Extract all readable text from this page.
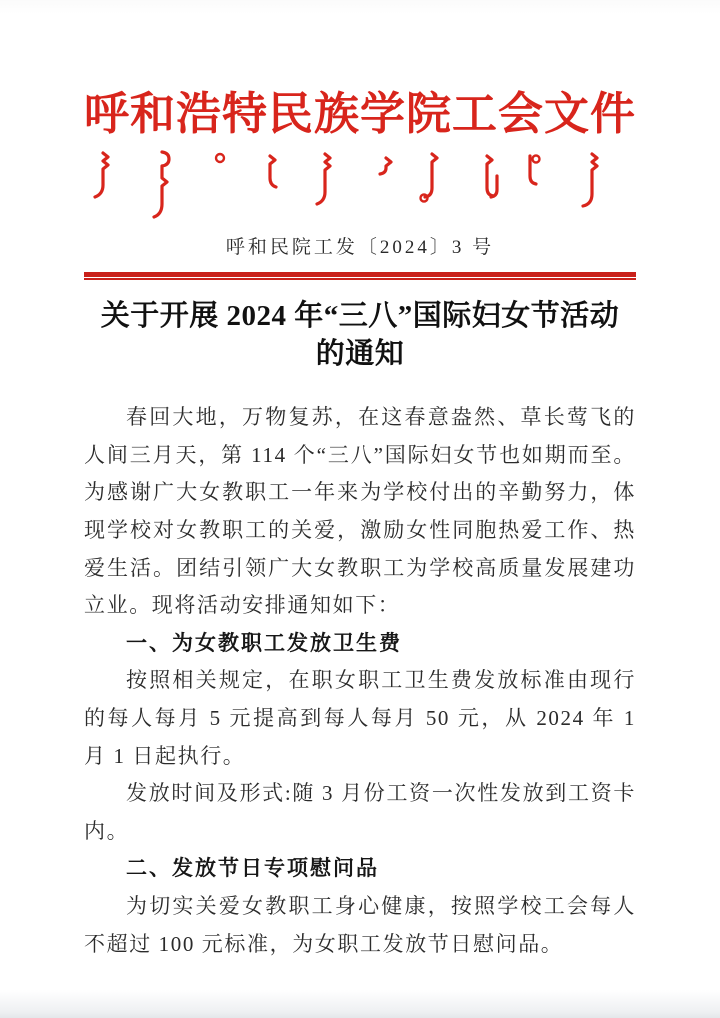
呼和浩特民族学院工会文件
呼和民院工发〔2024〕3 号
关于开展 2024 年“三八”国际妇女节活动
的通知

春回大地，万物复苏，在这春意盎然、草长莺飞的人间三月天，第 114 个“三八”国际妇女节也如期而至。为感谢广大女教职工一年来为学校付出的辛勤努力，体现学校对女教职工的关爱，激励女性同胞热爱工作、热爱生活。团结引领广大女教职工为学校高质量发展建功立业。现将活动安排通知如下：

一、为女教职工发放卫生费

按照相关规定，在职女职工卫生费发放标准由现行的每人每月 5 元提高到每人每月 50 元，从 2024 年 1 月 1 日起执行。

发放时间及形式:随 3 月份工资一次性发放到工资卡内。

二、发放节日专项慰问品

为切实关爱女教职工身心健康，按照学校工会每人不超过 100 元标准，为女职工发放节日慰问品。
